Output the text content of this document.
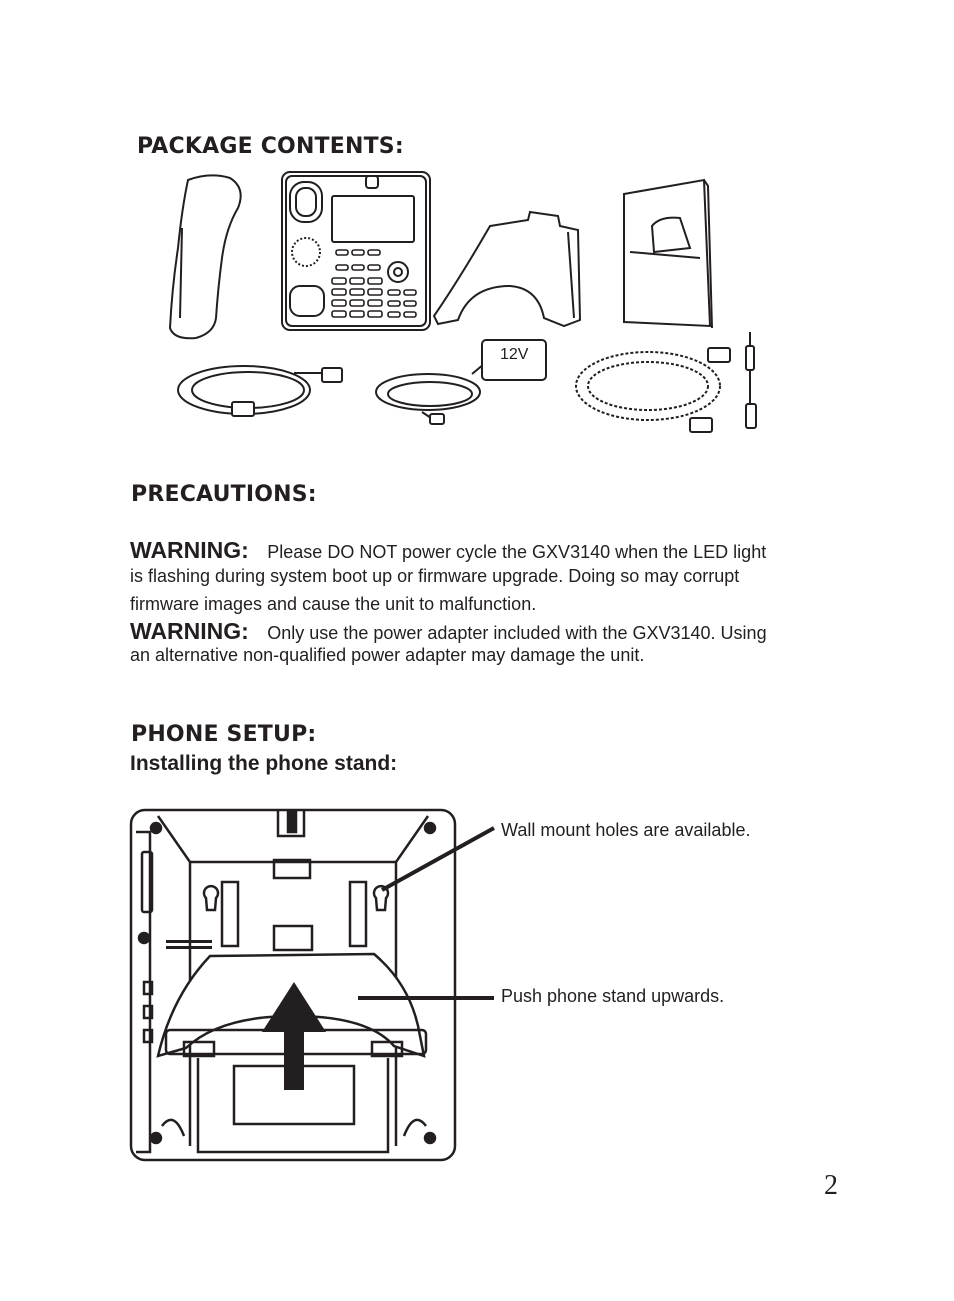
PACKAGE CONTENTS:
12V
PRECAUTIONS:
WARNING: Please DO NOT power cycle the GXV3140 when the LED light

is flashing during system boot up or firmware upgrade. Doing so may corrupt

firmware images and cause the unit to malfunction.

WARNING: Only use the power adapter included with the GXV3140. Using

an alternative non-qualified power adapter may damage the unit.

PHONE SETUP:
Installing the phone stand:
Wall mount holes are available.
Push phone stand upwards.
2
